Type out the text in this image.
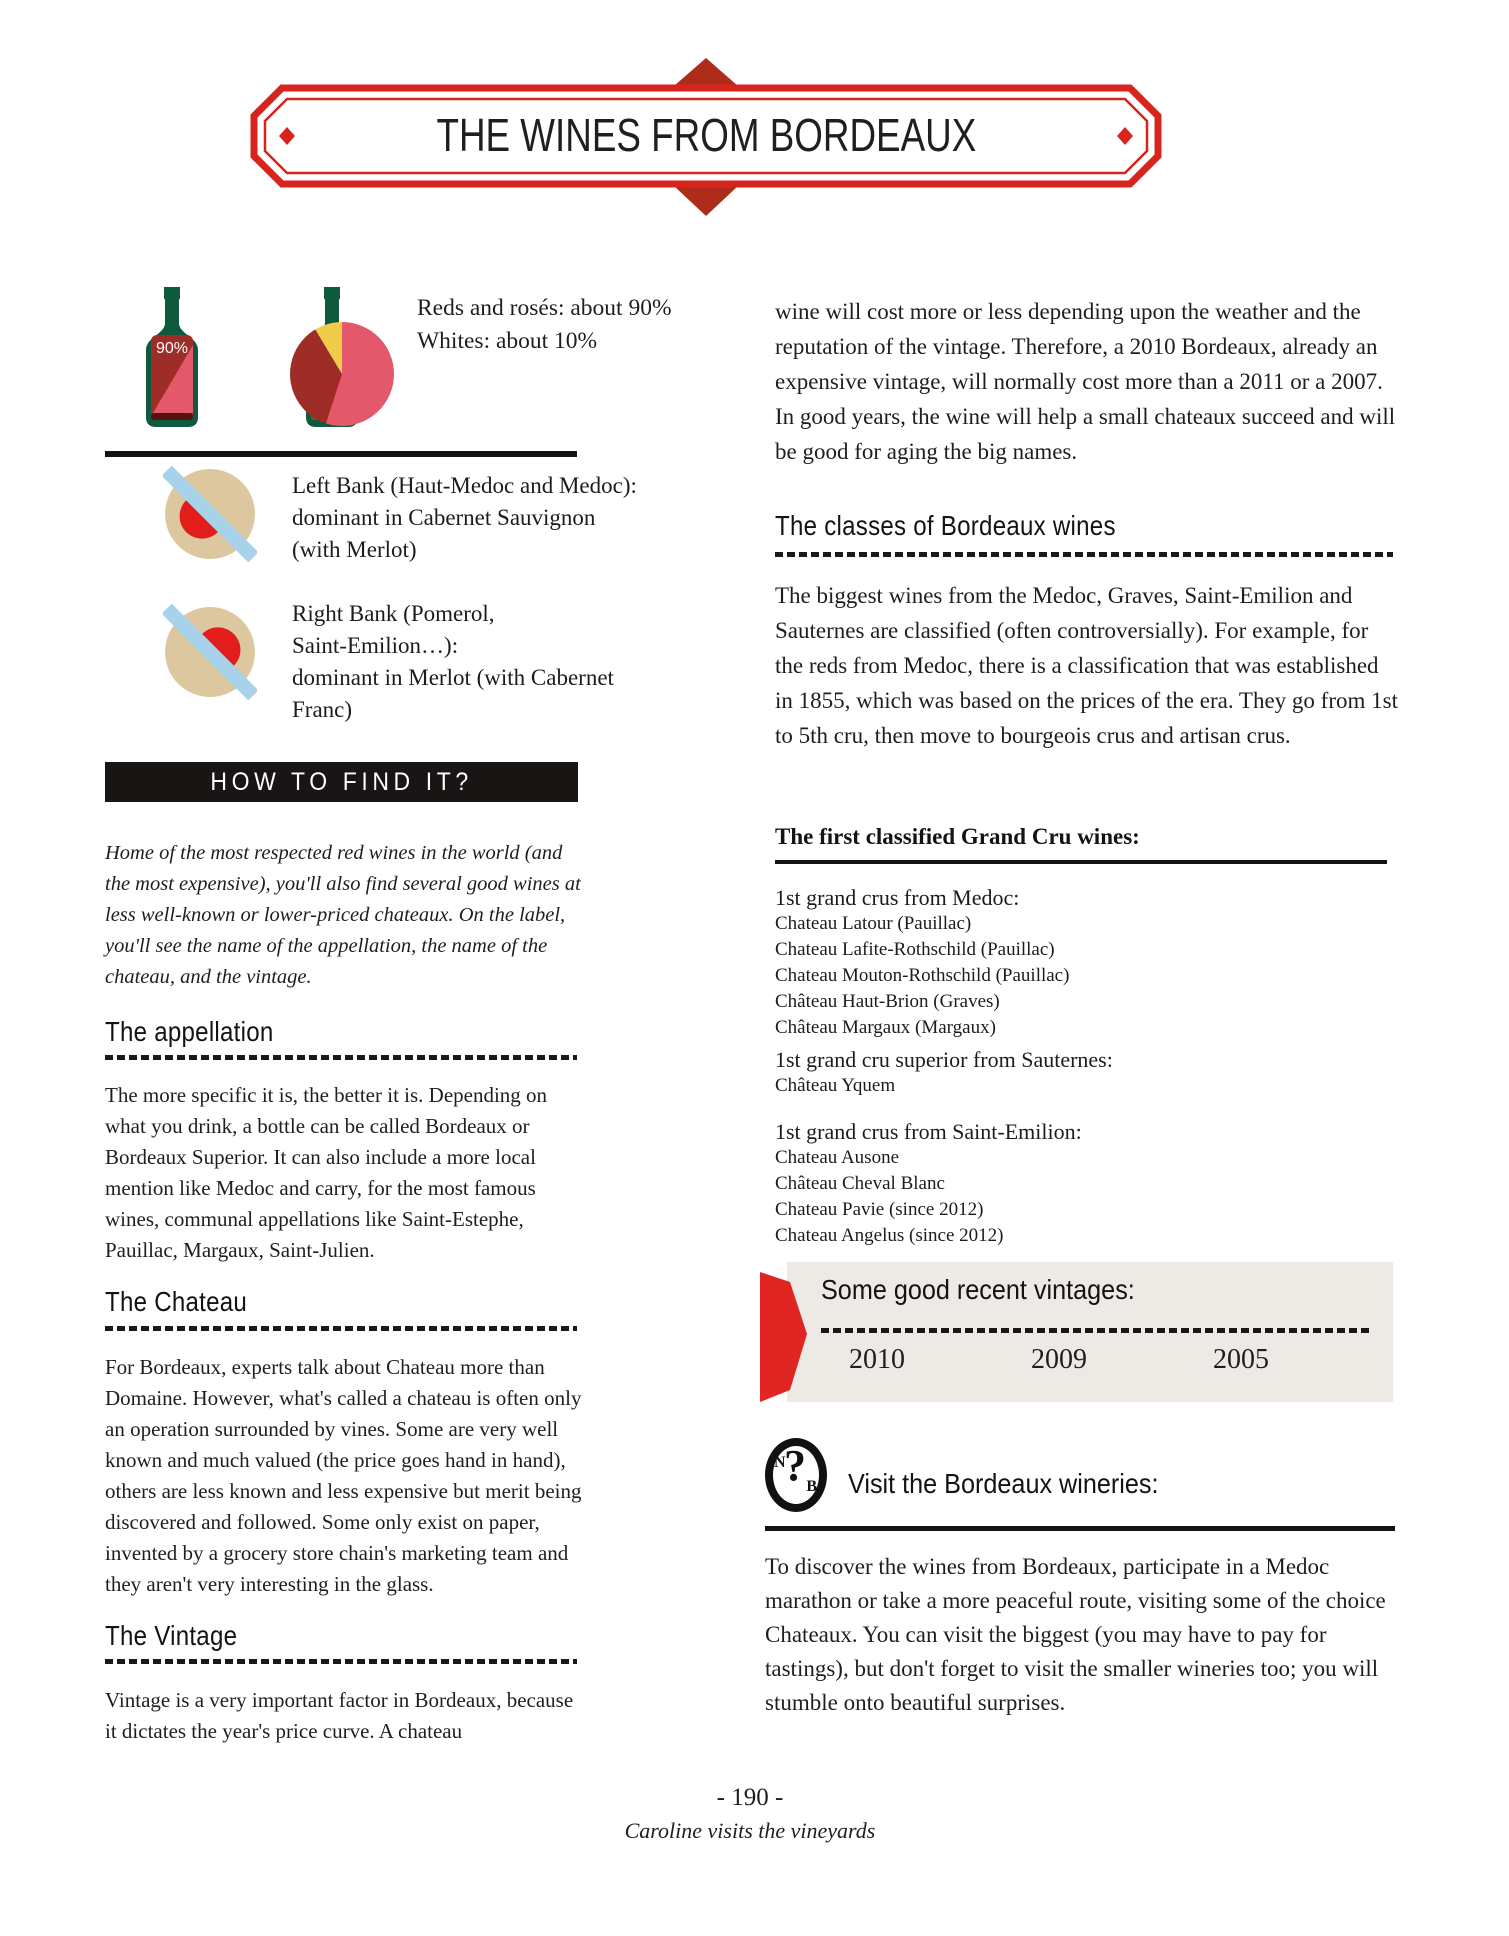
THE WINES FROM BORDEAUX
90%
Reds and rosés: about 90%
Whites: about 10%
Left Bank (Haut-Medoc and Medoc):
dominant in Cabernet Sauvignon
(with Merlot)
Right Bank (Pomerol,
Saint-Emilion…):
dominant in Merlot (with Cabernet
Franc)
HOW TO FIND IT?
Home of the most respected red wines in the world (and the most expensive), you'll also find several good wines at less well-known or lower-priced chateaux. On the label, you'll see the name of the appellation, the name of the chateau, and the vintage.
The appellation
The more specific it is, the better it is. Depending on what you drink, a bottle can be called Bordeaux or Bordeaux Superior. It can also include a more local mention like Medoc and carry, for the most famous wines, communal appellations like Saint-Estephe, Pauillac, Margaux, Saint-Julien.
The Chateau
For Bordeaux, experts talk about Chateau more than Domaine. However, what's called a chateau is often only an operation surrounded by vines. Some are very well known and much valued (the price goes hand in hand), others are less known and less expensive but merit being discovered and followed. Some only exist on paper, invented by a grocery store chain's marketing team and they aren't very interesting in the glass.
The Vintage
Vintage is a very important factor in Bordeaux, because it dictates the year's price curve. A chateau
wine will cost more or less depending upon the weather and the reputation of the vintage. Therefore, a 2010 Bordeaux, already an expensive vintage, will normally cost more than a 2011 or a 2007. In good years, the wine will help a small chateaux succeed and will be good for aging the big names.
The classes of Bordeaux wines
The biggest wines from the Medoc, Graves, Saint-Emilion and Sauternes are classified (often controversially). For example, for the reds from Medoc, there is a classification that was established in 1855, which was based on the prices of the era. They go from 1st to 5th cru, then move to bourgeois crus and artisan crus.
The first classified Grand Cru wines:
1st grand crus from Medoc:
Chateau Latour (Pauillac)
Chateau Lafite-Rothschild (Pauillac)
Chateau Mouton-Rothschild (Pauillac)
Château Haut-Brion (Graves)
Château Margaux (Margaux)
1st grand cru superior from Sauternes:
Château Yquem
1st grand crus from Saint-Emilion:
Chateau Ausone
Château Cheval Blanc
Chateau Pavie (since 2012)
Chateau Angelus (since 2012)
Some good recent vintages:
2010	2009	2005
N
? B Visit the Bordeaux wineries:
To discover the wines from Bordeaux, participate in a Medoc marathon or take a more peaceful route, visiting some of the choice Chateaux. You can visit the biggest (you may have to pay for tastings), but don't forget to visit the smaller wineries too; you will stumble onto beautiful surprises.
- 190 -
Caroline visits the vineyards
